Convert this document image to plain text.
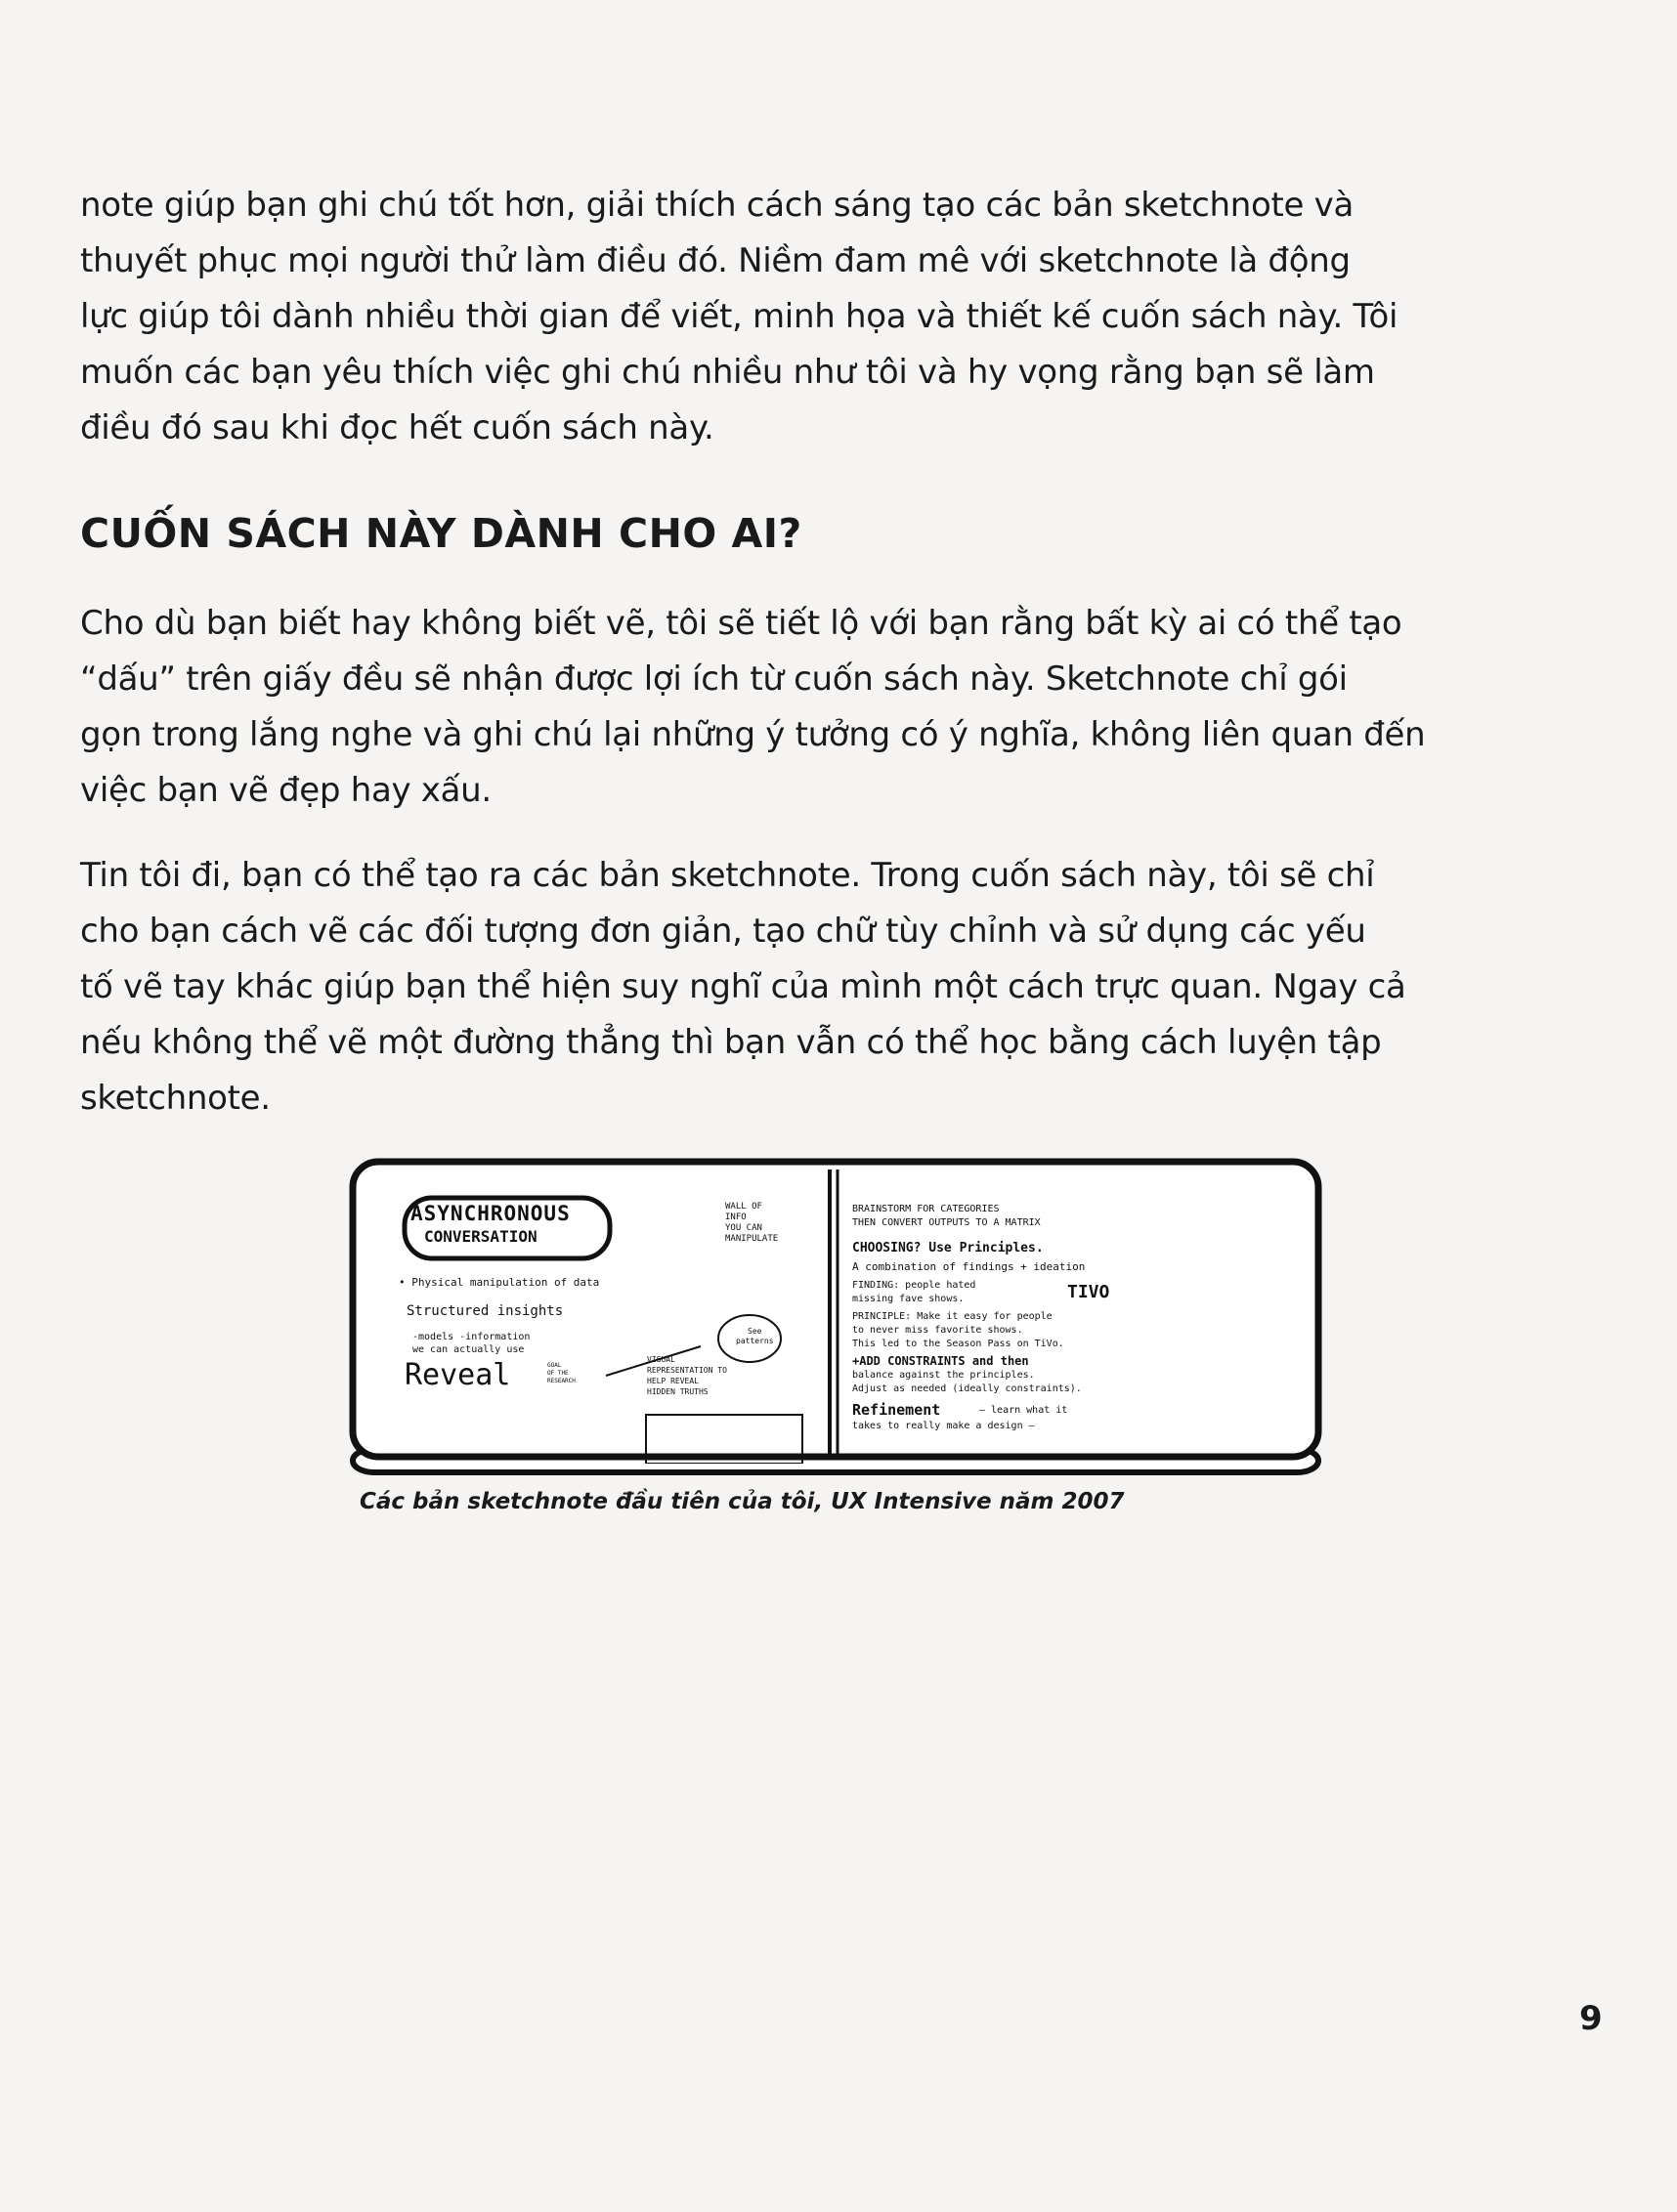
note giúp bạn ghi chú tốt hơn, giải thích cách sáng tạo các bản sketchnote và
thuyết phục mọi người thử làm điều đó. Niềm đam mê với sketchnote là động
lực giúp tôi dành nhiều thời gian để viết, minh họa và thiết kế cuốn sách này. Tôi
muốn các bạn yêu thích việc ghi chú nhiều như tôi và hy vọng rằng bạn sẽ làm
điều đó sau khi đọc hết cuốn sách này.
CUỐN SÁCH NÀY DÀNH CHO AI?
Cho dù bạn biết hay không biết vẽ, tôi sẽ tiết lộ với bạn rằng bất kỳ ai có thể tạo
“dấu” trên giấy đều sẽ nhận được lợi ích từ cuốn sách này. Sketchnote chỉ gói
gọn trong lắng nghe và ghi chú lại những ý tưởng có ý nghĩa, không liên quan đến
việc bạn vẽ đẹp hay xấu.
Tin tôi đi, bạn có thể tạo ra các bản sketchnote. Trong cuốn sách này, tôi sẽ chỉ
cho bạn cách vẽ các đối tượng đơn giản, tạo chữ tùy chỉnh và sử dụng các yếu
tố vẽ tay khác giúp bạn thể hiện suy nghĩ của mình một cách trực quan. Ngay cả
nếu không thể vẽ một đường thẳng thì bạn vẫn có thể học bằng cách luyện tập
sketchnote.
ASYNCHRONOUS
CONVERSATION
WALL OF
INFO
YOU CAN
MANIPULATE
• Physical manipulation of data
See
patterns
Structured insights
-models -information
we can actually use
VISUAL
REPRESENTATION TO
HELP REVEAL
HIDDEN TRUTHS
Reveal	GOAL
OF THE
RESEARCH
BRAINSTORM FOR CATEGORIES
THEN CONVERT OUTPUTS TO A MATRIX
CHOOSING? Use Principles.
A combination of findings + ideation
FINDING: people hated
missing fave shows.	TIVO
PRINCIPLE: Make it easy for people
to never miss favorite shows.
This led to the Season Pass on TiVo.
+ADD CONSTRAINTS and then
balance against the principles.
Adjust as needed (ideally constraints).
Refinement	— learn what it
takes to really make a design —

Các bản sketchnote đầu tiên của tôi, UX Intensive năm 2007

9
